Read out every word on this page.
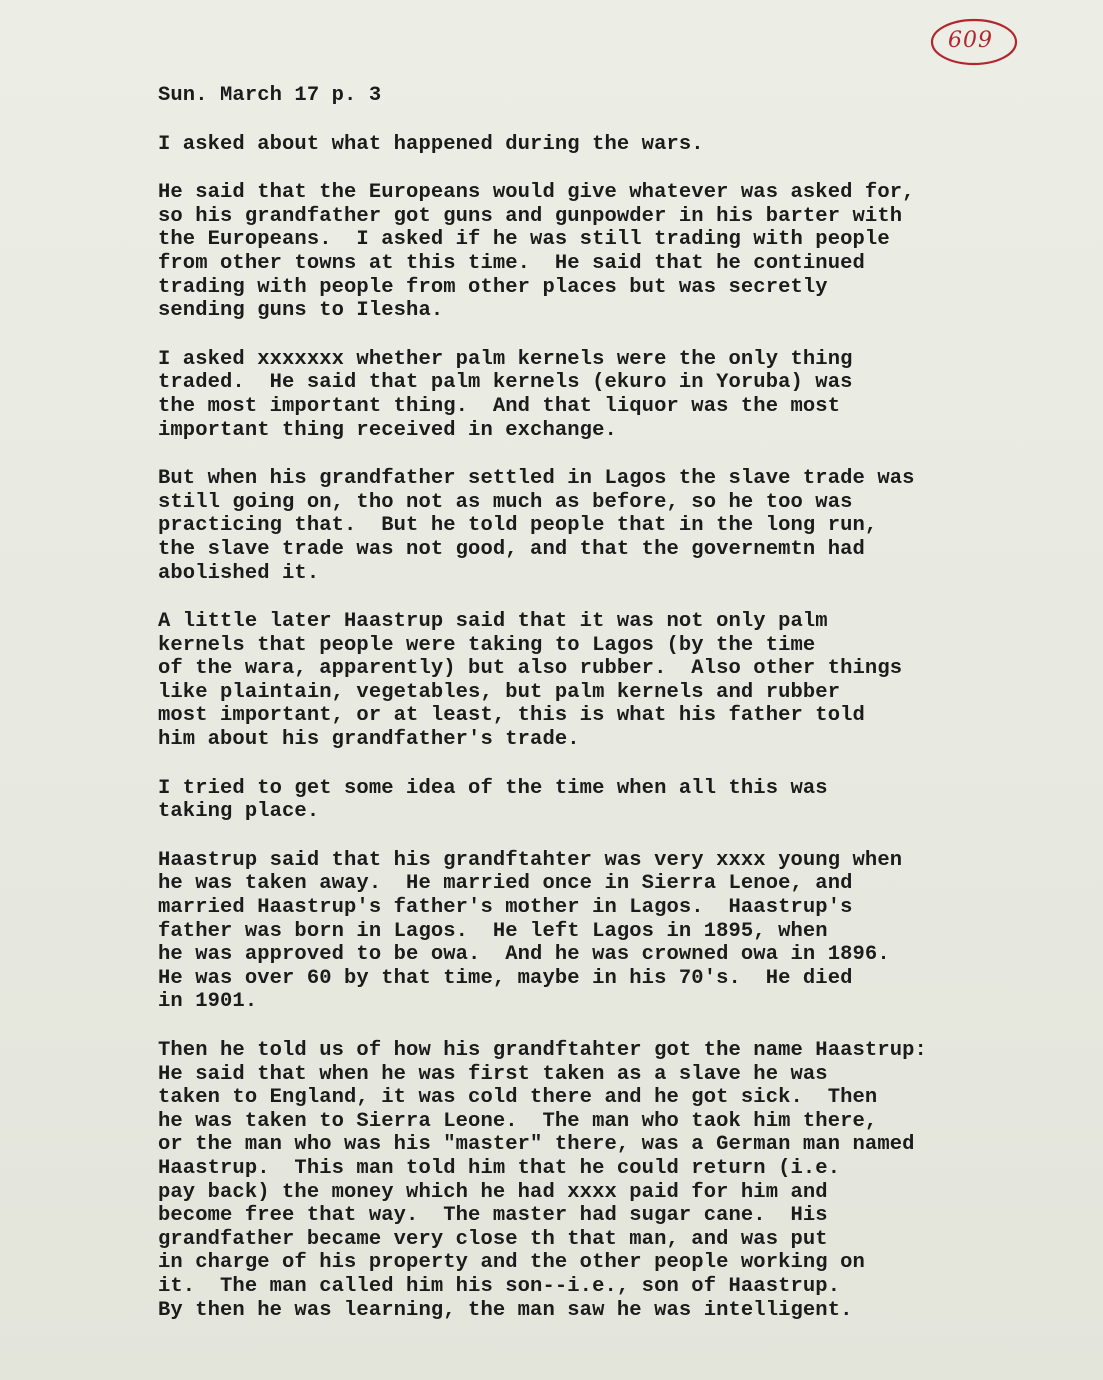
609
Sun. March 17 p. 3
I asked about what happened during the wars.
He said that the Europeans would give whatever was asked for,
so his grandfather got guns and gunpowder in his barter with
the Europeans.  I asked if he was still trading with people
from other towns at this time.  He said that he continued
trading with people from other places but was secretly
sending guns to Ilesha.
I asked xxxxxxx whether palm kernels were the only thing
traded.  He said that palm kernels (ekuro in Yoruba) was
the most important thing.  And that liquor was the most
important thing received in exchange.
But when his grandfather settled in Lagos the slave trade was
still going on, tho not as much as before, so he too was
practicing that.  But he told people that in the long run,
the slave trade was not good, and that the governemtn had
abolished it.
A little later Haastrup said that it was not only palm
kernels that people were taking to Lagos (by the time
of the wara, apparently) but also rubber.  Also other things
like plaintain, vegetables, but palm kernels and rubber
most important, or at least, this is what his father told
him about his grandfather's trade.
I tried to get some idea of the time when all this was
taking place.
Haastrup said that his grandftahter was very xxxx young when
he was taken away.  He married once in Sierra Lenoe, and
married Haastrup's father's mother in Lagos.  Haastrup's
father was born in Lagos.  He left Lagos in 1895, when
he was approved to be owa.  And he was crowned owa in 1896.
He was over 60 by that time, maybe in his 70's.  He died
in 1901.
Then he told us of how his grandftahter got the name Haastrup:
He said that when he was first taken as a slave he was
taken to England, it was cold there and he got sick.  Then
he was taken to Sierra Leone.  The man who taok him there,
or the man who was his "master" there, was a German man named
Haastrup.  This man told him that he could return (i.e.
pay back) the money which he had xxxx paid for him and
become free that way.  The master had sugar cane.  His
grandfather became very close th that man, and was put
in charge of his property and the other people working on
it.  The man called him his son--i.e., son of Haastrup.
By then he was learning, the man saw he was intelligent.
